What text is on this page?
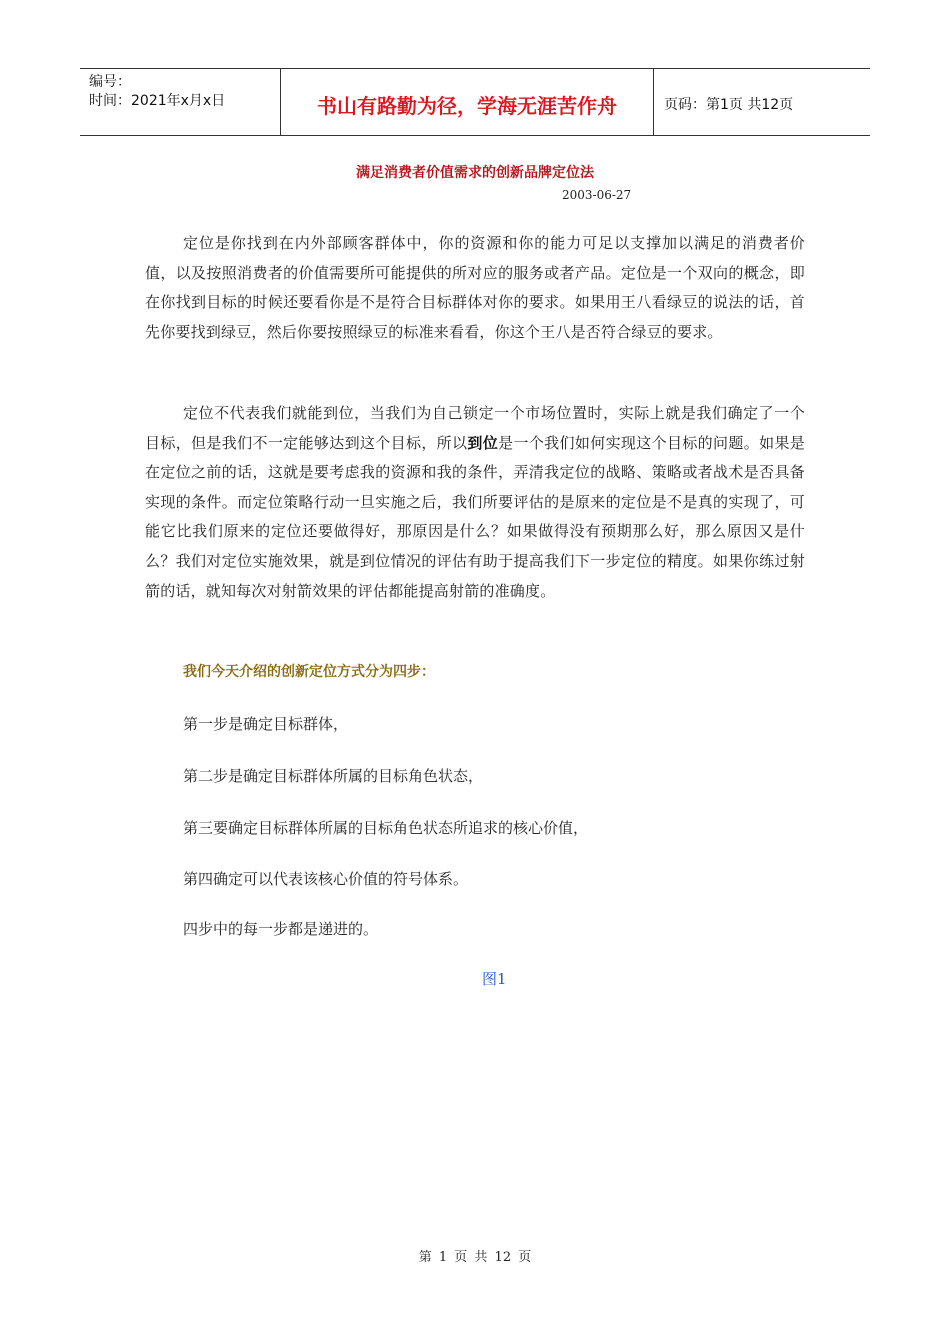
编号：
时间：2021年x月x日	书山有路勤为径，学海无涯苦作舟	页码：第1页 共12页
满足消费者价值需求的创新品牌定位法
2003-06-27

定位是你找到在内外部顾客群体中，你的资源和你的能力可足以支撑加以满足的消费者价值，以及按照消费者的价值需要所可能提供的所对应的服务或者产品。定位是一个双向的概念，即在你找到目标的时候还要看你是不是符合目标群体对你的要求。如果用王八看绿豆的说法的话，首先你要找到绿豆，然后你要按照绿豆的标准来看看，你这个王八是否符合绿豆的要求。

定位不代表我们就能到位，当我们为自己锁定一个市场位置时，实际上就是我们确定了一个目标，但是我们不一定能够达到这个目标，所以到位是一个我们如何实现这个目标的问题。如果是在定位之前的话，这就是要考虑我的资源和我的条件，弄清我定位的战略、策略或者战术是否具备实现的条件。而定位策略行动一旦实施之后，我们所要评估的是原来的定位是不是真的实现了，可能它比我们原来的定位还要做得好，那原因是什么？如果做得没有预期那么好，那么原因又是什么？我们对定位实施效果，就是到位情况的评估有助于提高我们下一步定位的精度。如果你练过射箭的话，就知每次对射箭效果的评估都能提高射箭的准确度。

我们今天介绍的创新定位方式分为四步：
第一步是确定目标群体，
第二步是确定目标群体所属的目标角色状态，
第三要确定目标群体所属的目标角色状态所追求的核心价值，
第四确定可以代表该核心价值的符号体系。
四步中的每一步都是递进的。
图1
第 1 页 共 12 页
